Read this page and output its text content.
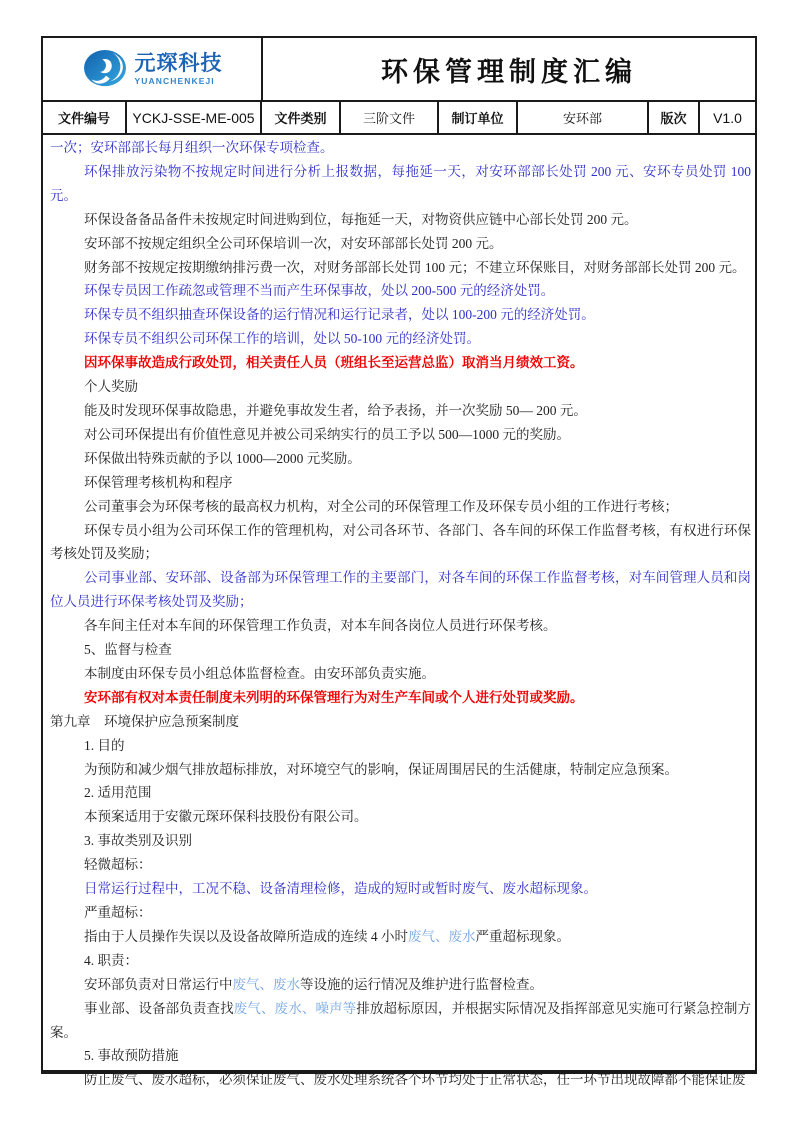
元琛科技
YUANCHENKEJI	环保管理制度汇编
文件编号	YCKJ-SSE-ME-005	文件类别	三阶文件	制订单位	安环部	版次	V1.0

一次；安环部部长每月组织一次环保专项检查。

环保排放污染物不按规定时间进行分析上报数据，每拖延一天，对安环部部长处罚 200 元、安环专员处罚 100 元。

环保设备备品备件未按规定时间进购到位，每拖延一天，对物资供应链中心部长处罚 200 元。

安环部不按规定组织全公司环保培训一次，对安环部部长处罚 200 元。

财务部不按规定按期缴纳排污费一次，对财务部部长处罚 100 元；不建立环保账目，对财务部部长处罚 200 元。

环保专员因工作疏忽或管理不当而产生环保事故，处以 200-500 元的经济处罚。

环保专员不组织抽查环保设备的运行情况和运行记录者，处以 100-200 元的经济处罚。

环保专员不组织公司环保工作的培训，处以 50-100 元的经济处罚。

因环保事故造成行政处罚，相关责任人员（班组长至运营总监）取消当月绩效工资。

个人奖励

能及时发现环保事故隐患，并避免事故发生者，给予表扬，并一次奖励 50— 200 元。

对公司环保提出有价值性意见并被公司采纳实行的员工予以 500—1000 元的奖励。

环保做出特殊贡献的予以 1000—2000 元奖励。

环保管理考核机构和程序

公司董事会为环保考核的最高权力机构，对全公司的环保管理工作及环保专员小组的工作进行考核；

环保专员小组为公司环保工作的管理机构，对公司各环节、各部门、各车间的环保工作监督考核，有权进行环保考核处罚及奖励；

公司事业部、安环部、设备部为环保管理工作的主要部门，对各车间的环保工作监督考核，对车间管理人员和岗位人员进行环保考核处罚及奖励；

各车间主任对本车间的环保管理工作负责，对本车间各岗位人员进行环保考核。

5、监督与检查

本制度由环保专员小组总体监督检查。由安环部负责实施。

安环部有权对本责任制度未列明的环保管理行为对生产车间或个人进行处罚或奖励。

第九章　环境保护应急预案制度

1. 目的

为预防和减少烟气排放超标排放，对环境空气的影响，保证周围居民的生活健康，特制定应急预案。

2. 适用范围

本预案适用于安徽元琛环保科技股份有限公司。

3. 事故类别及识别

轻微超标：

日常运行过程中，工况不稳、设备清理检修，造成的短时或暂时废气、废水超标现象。

严重超标：

指由于人员操作失误以及设备故障所造成的连续 4 小时废气、废水严重超标现象。

4. 职责：

安环部负责对日常运行中废气、废水等设施的运行情况及维护进行监督检查。

事业部、设备部负责查找废气、废水、噪声等排放超标原因，并根据实际情况及指挥部意见实施可行紧急控制方案。

5. 事故预防措施

防止废气、废水超标，必须保证废气、废水处理系统各个环节均处于正常状态，任一环节出现故障都不能保证废
